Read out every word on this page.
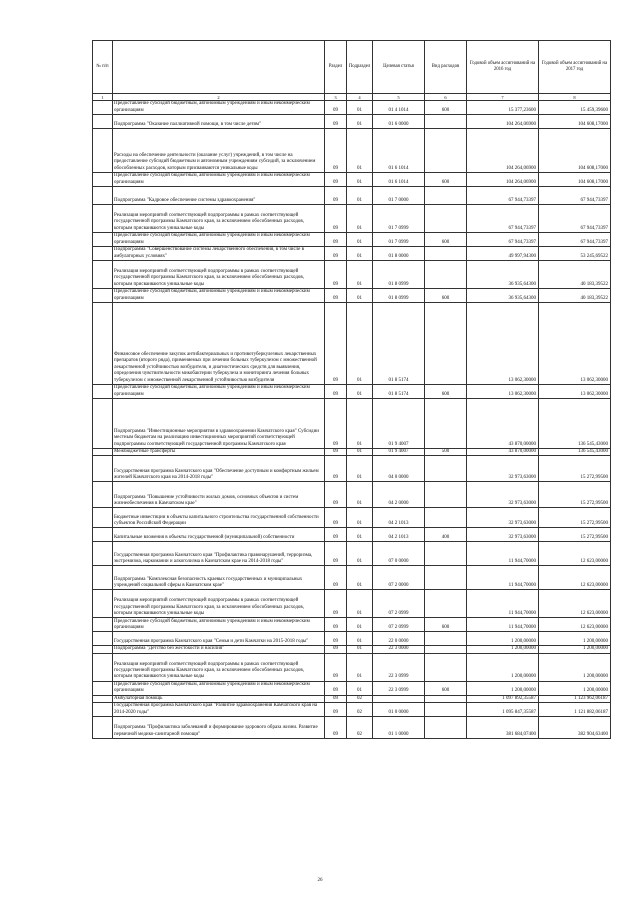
№ п/п		Раздел	Подраздел	Целевая статья	Вид расходов	Годовой объем ассигнований на 2016 год	Годовой объем ассигнований на 2017 год
1	2	3	4	5	6	7	8
	Предоставление субсидий бюджетным, автономным учреждениям и иным некоммерческим организациям	09	01	01 4 1014	600	15 377,23600	15 459,39600
	Подпрограмма "Оказание паллиативной помощи, в том числе детям"	09	01	01 6 0000		104 264,06900	104 608,17000
	Расходы на обеспечение деятельности (оказание услуг) учреждений, в том числе на предоставление субсидий бюджетным и автономным учреждениям субсидий, за исключением обособленных расходов, которым присваиваются уникальные коды	09	01	01 6 1014		104 264,06900	104 608,17000
	Предоставление субсидий бюджетным, автономным учреждениям и иным некоммерческим организациям	09	01	01 6 1014	600	104 264,06900	104 608,17000
	Подпрограмма "Кадровое обеспечение системы здравоохранения"	09	01	01 7 0000		67 944,73397	67 944,73397
	Реализация мероприятий соответствующей подпрограммы в рамках соответствующей государственной программы Камчатского края, за исключением обособленных расходов, которым присваиваются уникальные коды	09	01	01 7 0999		67 944,73397	67 944,73397
	Предоставление субсидий бюджетным, автономным учреждениям и иным некоммерческим организациям	09	01	01 7 0999	600	67 944,73397	67 944,73397
	Подпрограмма "Совершенствование системы лекарственного обеспечения, в том числе в амбулаторных условиях"	09	01	01 8 0000		49 997,94300	53 245,69522
	Реализация мероприятий соответствующей подпрограммы в рамках соответствующей государственной программы Камчатского края, за исключением обособленных расходов, которым присваиваются уникальные коды	09	01	01 8 0999		36 935,64300	40 183,39522
	Предоставление субсидий бюджетным, автономным учреждениям и иным некоммерческим организациям	09	01	01 8 0999	600	36 935,64300	40 183,39522
	Финансовое обеспечение закупок антибактериальных и противотуберкулезных лекарственных препаратов (второго ряда), применяемых при лечении больных туберкулезом с множественной лекарственной устойчивостью возбудителя, и диагностических средств для выявления, определения чувствительности микобактерии туберкулеза и мониторинга лечения больных туберкулезом с множественной лекарственной устойчивостью возбудителя	09	01	01 8 5174		13 062,30000	13 062,30000
	Предоставление субсидий бюджетным, автономным учреждениям и иным некоммерческим организациям	09	01	01 8 5174	600	13 062,30000	13 062,30000
	Подпрограмма "Инвестиционные мероприятия в здравоохранении Камчатского края" Субсидии местным бюджетам на реализацию инвестиционных мероприятий соответствующей подпрограммы соответствующей государственной программы Камчатского края	09	01	01 9 4007		43 870,00000	136 545,43000
	Межбюджетные трансферты	09	01	01 9 4007	500	43 870,00000	136 545,43000
	Государственная программа Камчатского края "Обеспечение доступным и комфортным жильем жителей Камчатского края на 2014-2018 годы"	09	01	04 0 0000		32 973,63000	15 272,99500
	Подпрограмма "Повышение устойчивости жилых домов, основных объектов и систем жизнеобеспечения в Камчатском крае"	09	01	04 2 0000		32 973,63000	15 272,99500
	Бюджетные инвестиции в объекты капитального строительства государственной собственности субъектов Российской Федерации	09	01	04 2 1013		32 973,63000	15 272,99500
	Капитальные вложения в объекты государственной (муниципальной) собственности	09	01	04 2 1013	400	32 973,63000	15 272,99500
	Государственная программа Камчатского края "Профилактика правонарушений, терроризма, экстремизма, наркомании и алкоголизма в Камчатском крае на 2014-2018 годы"	09	01	07 0 0000		11 944,70000	12 623,00000
	Подпрограмма "Комплексная безопасность краевых государственных и муниципальных учреждений социальной сферы в Камчатском крае"	09	01	07 2 0000		11 944,70000	12 623,00000
	Реализация мероприятий соответствующей подпрограммы в рамках соответствующей государственной программы Камчатского края, за исключением обособленных расходов, которым присваиваются уникальные коды	09	01	07 2 0999		11 944,70000	12 623,00000
	Предоставление субсидий бюджетным, автономным учреждениям и иным некоммерческим организациям	09	01	07 2 0999	600	11 944,70000	12 623,00000
	Государственная программа Камчатского края "Семья и дети Камчатки на 2015-2018 годы"	09	01	22 0 0000		1 200,00000	1 200,00000
	Подпрограмма "Детство без жестокости и насилия"	09	01	22 3 0000		1 200,00000	1 200,00000
	Реализация мероприятий соответствующей подпрограммы в рамках соответствующей государственной программы Камчатского края, за исключением обособленных расходов, которым присваиваются уникальные коды	09	01	22 3 0999		1 200,00000	1 200,00000
	Предоставление субсидий бюджетным, автономным учреждениям и иным некоммерческим организациям	09	01	22 3 0999	600	1 200,00000	1 200,00000
	Амбулаторная помощь	09	02			1 097 892,35587	1 123 962,06187
	Государственная программа Камчатского края "Развитие здравоохранения Камчатского края на 2014-2020 годы"	09	02	01 0 0000		1 095 847,35587	1 121 882,06187
	Подпрограмма "Профилактика заболеваний и формирование здорового образа жизни. Развитие первичной медико-санитарной помощи"	09	02	01 1 0000		381 684,07400	382 904,63400
26
